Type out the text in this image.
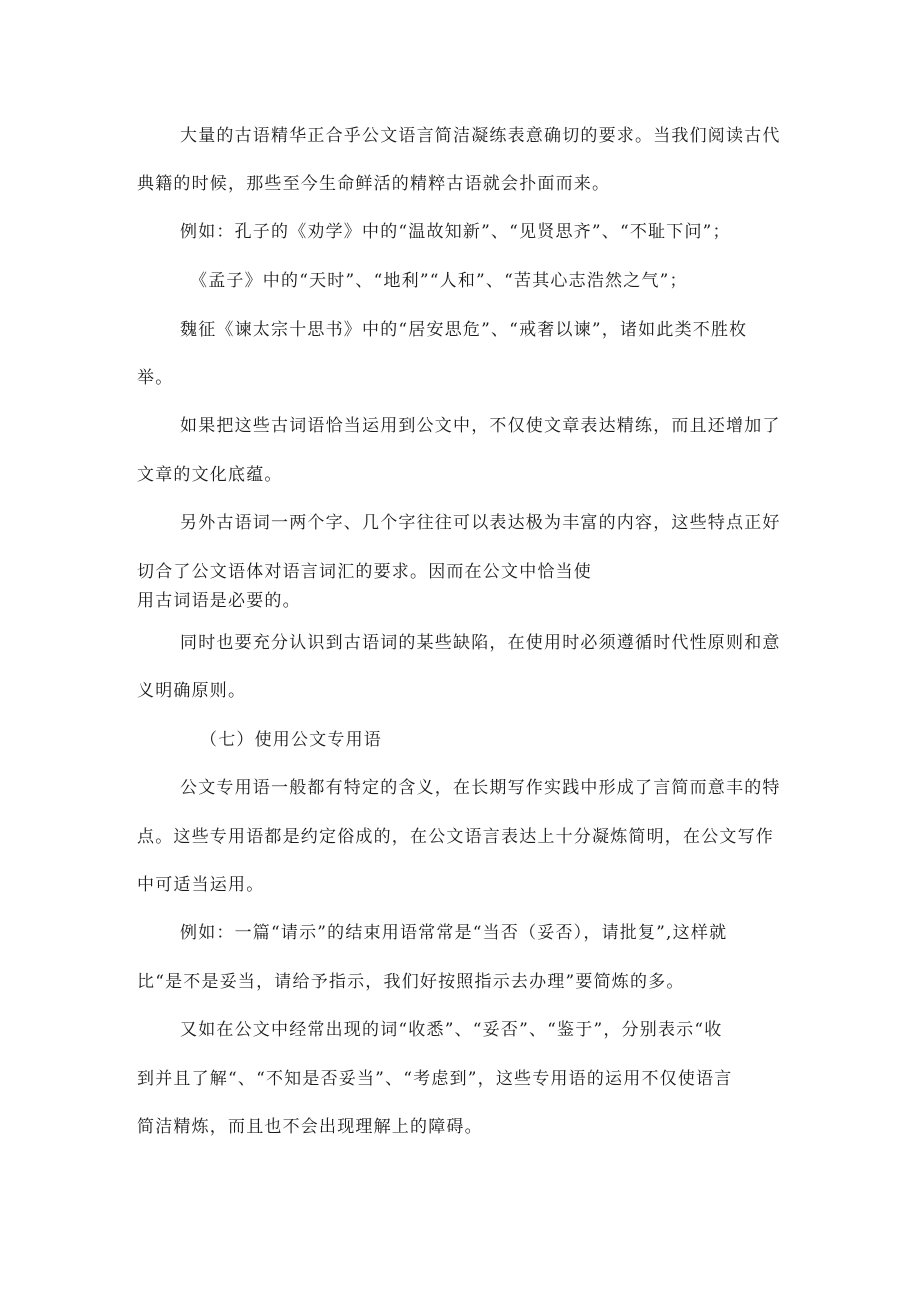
大量的古语精华正合乎公文语言简洁凝练表意确切的要求。当我们阅读古代
典籍的时候，那些至今生命鲜活的精粹古语就会扑面而来。
例如：孔子的《劝学》中的“温故知新”、“见贤思齐”、“不耻下问”；
《孟子》中的“天时”、“地利”“人和”、“苦其心志浩然之气”；
魏征《谏太宗十思书》中的“居安思危”、“戒奢以谏”，诸如此类不胜枚
举。
如果把这些古词语恰当运用到公文中，不仅使文章表达精练，而且还增加了
文章的文化底蕴。
另外古语词一两个字、几个字往往可以表达极为丰富的内容，这些特点正好
切合了公文语体对语言词汇的要求。因而在公文中恰当使
用古词语是必要的。
同时也要充分认识到古语词的某些缺陷，在使用时必须遵循时代性原则和意
义明确原则。
（七）使用公文专用语
公文专用语一般都有特定的含义，在长期写作实践中形成了言简而意丰的特
点。这些专用语都是约定俗成的，在公文语言表达上十分凝炼简明，在公文写作
中可适当运用。
例如：一篇“请示”的结束用语常常是“当否（妥否），请批复”,这样就
比“是不是妥当，请给予指示，我们好按照指示去办理”要简炼的多。
又如在公文中经常出现的词“收悉”、“妥否”、“鉴于”，分别表示“收
到并且了解“、“不知是否妥当”、“考虑到”，这些专用语的运用不仅使语言
简洁精炼，而且也不会出现理解上的障碍。
